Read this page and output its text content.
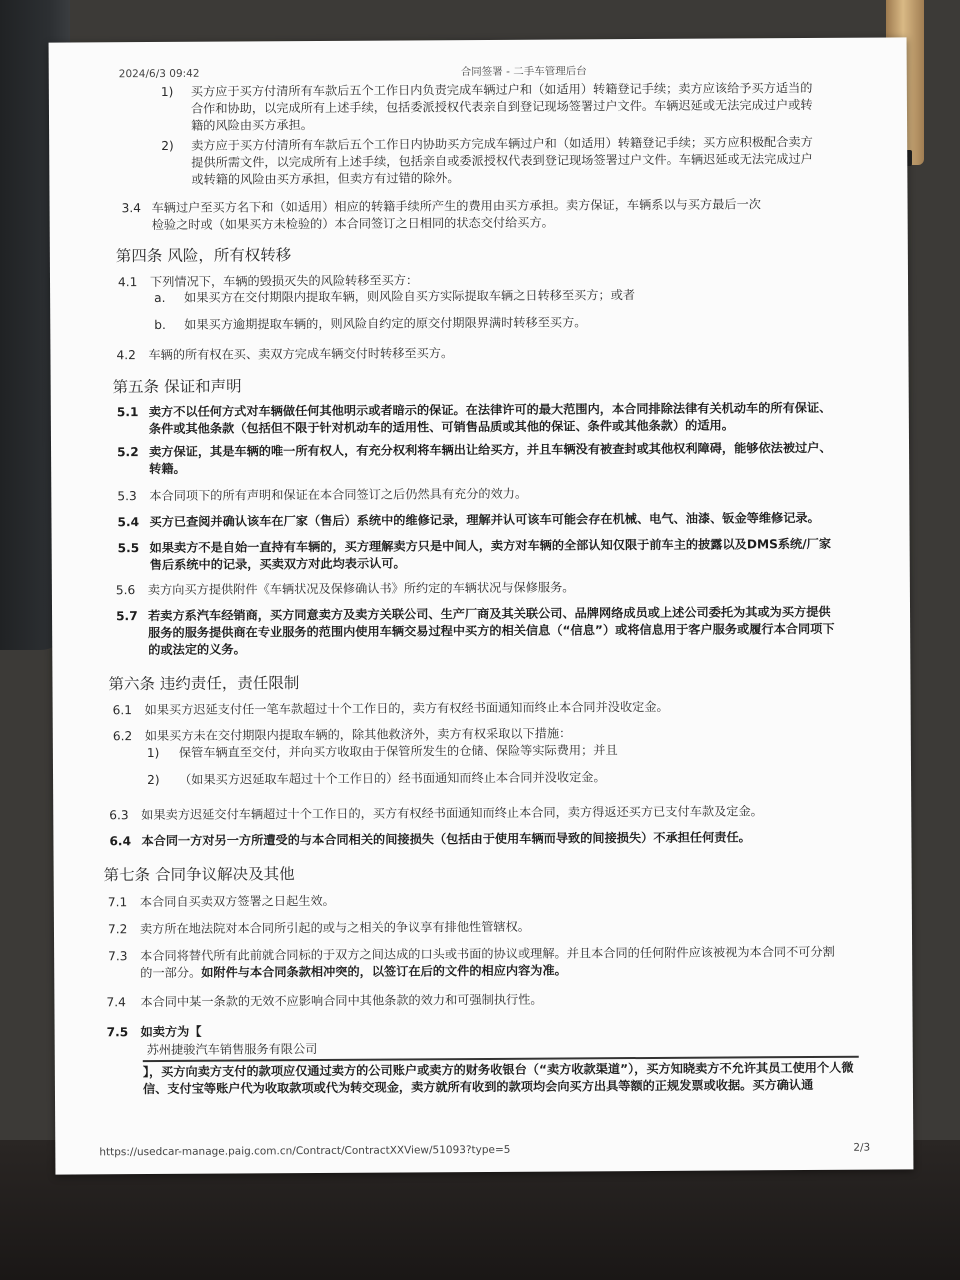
2024/6/3 09:42	合同签署 - 二手车管理后台
1)	买方应于买方付清所有车款后五个工作日内负责完成车辆过户和（如适用）转籍登记手续；卖方应该给予买方适当的合作和协助，以完成所有上述手续，包括委派授权代表亲自到登记现场签署过户文件。车辆迟延或无法完成过户或转籍的风险由买方承担。
2)	卖方应于买方付清所有车款后五个工作日内协助买方完成车辆过户和（如适用）转籍登记手续；买方应积极配合卖方提供所需文件，以完成所有上述手续，包括亲自或委派授权代表到登记现场签署过户文件。车辆迟延或无法完成过户或转籍的风险由买方承担，但卖方有过错的除外。
3.4 车辆过户至买方名下和（如适用）相应的转籍手续所产生的费用由买方承担。卖方保证，车辆系以与买方最后一次检验之时或（如果买方未检验的）本合同签订之日相同的状态交付给买方。
第四条 风险，所有权转移
4.1	下列情况下，车辆的毁损灭失的风险转移至买方：
a.	如果买方在交付期限内提取车辆，则风险自买方实际提取车辆之日转移至买方；或者
b.	如果买方逾期提取车辆的，则风险自约定的原交付期限界满时转移至买方。
4.2	车辆的所有权在买、卖双方完成车辆交付时转移至买方。
第五条 保证和声明
5.1 卖方不以任何方式对车辆做任何其他明示或者暗示的保证。在法律许可的最大范围内，本合同排除法律有关机动车的所有保证、条件或其他条款（包括但不限于针对机动车的适用性、可销售品质或其他的保证、条件或其他条款）的适用。
5.2 卖方保证，其是车辆的唯一所有权人，有充分权利将车辆出让给买方，并且车辆没有被查封或其他权利障碍，能够依法被过户、转籍。
5.3	本合同项下的所有声明和保证在本合同签订之后仍然具有充分的效力。
5.4 买方已查阅并确认该车在厂家（售后）系统中的维修记录，理解并认可该车可能会存在机械、电气、油漆、钣金等维修记录。
5.5 如果卖方不是自始一直持有车辆的，买方理解卖方只是中间人，卖方对车辆的全部认知仅限于前车主的披露以及DMS系统/厂家售后系统中的记录，买卖双方对此均表示认可。
5.6	卖方向买方提供附件《车辆状况及保修确认书》所约定的车辆状况与保修服务。
5.7 若卖方系汽车经销商，买方同意卖方及卖方关联公司、生产厂商及其关联公司、品牌网络成员或上述公司委托为其或为买方提供服务的服务提供商在专业服务的范围内使用车辆交易过程中买方的相关信息（“信息”）或将信息用于客户服务或履行本合同项下的或法定的义务。
第六条 违约责任，责任限制
6.1	如果买方迟延支付任一笔车款超过十个工作日的，卖方有权经书面通知而终止本合同并没收定金。
6.2	如果买方未在交付期限内提取车辆的，除其他救济外，卖方有权采取以下措施：
1)	保管车辆直至交付，并向买方收取由于保管所发生的仓储、保险等实际费用；并且
2)	（如果买方迟延取车超过十个工作日的）经书面通知而终止本合同并没收定金。
6.3	如果卖方迟延交付车辆超过十个工作日的，买方有权经书面通知而终止本合同，卖方得返还买方已支付车款及定金。
6.4 本合同一方对另一方所遭受的与本合同相关的间接损失（包括由于使用车辆而导致的间接损失）不承担任何责任。
第七条 合同争议解决及其他
7.1	本合同自买卖双方签署之日起生效。
7.2	卖方所在地法院对本合同所引起的或与之相关的争议享有排他性管辖权。
7.3	本合同将替代所有此前就合同标的于双方之间达成的口头或书面的协议或理解。并且本合同的任何附件应该被视为本合同不可分割的一部分。如附件与本合同条款相冲突的，以签订在后的文件的相应内容为准。
7.4	本合同中某一条款的无效不应影响合同中其他条款的效力和可强制执行性。
7.5	如卖方为【
苏州捷骏汽车销售服务有限公司
】，买方向卖方支付的款项应仅通过卖方的公司账户或卖方的财务收银台（“卖方收款渠道”），买方知晓卖方不允许其员工使用个人微信、支付宝等账户代为收取款项或代为转交现金，卖方就所有收到的款项均会向买方出具等额的正规发票或收据。买方确认通
https://usedcar-manage.paig.com.cn/Contract/ContractXXView/51093?type=5	2/3
